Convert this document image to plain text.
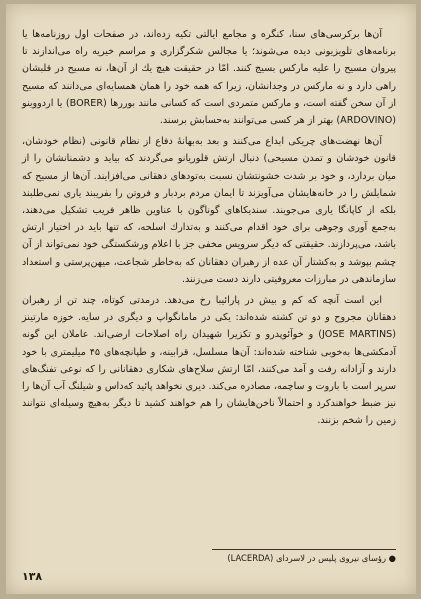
آن‌ها برکرسی‌های سنا، کنگره و مجامع ایالتی تکیه زده‌اند، در صفحات اول روزنامه‌ها یا برنامه‌های تلویزیونی دیده می‌شوند؛ یا مجالس شکرگزاری و مراسم خیریه راه می‌اندازند تا پیروان مسیح را علیه مارکس بسیج کنند. امّا در حقیقت هیچ یك از آن‌ها، نه مسیح در قلبشان راهی دارد و نه مارکس در وجدانشان، زیرا که همه خود را همان همسایه‌ای می‌دانند که مسیح از آن سخن گفته است، و مارکس متمردی است که کسانی مانند بوررها (BORER) یا اردووینو (ARDOVINO) بهتر از هر کسی می‌توانند به‌حسابش برسند.

آن‌ها نهضت‌های چریکی ابداع می‌کنند و بعد به‌بهانهٔ دفاع از نظام قانونی (نظام خودشان، قانون خودشان و تمدن مسیحی) دنبال ارتش قلوریانو می‌گردند که بیاید و دشمنانشان را از میان بردارد، و خود بر شدت خشونتشان نسبت به‌تودهای دهقانی می‌افزایند. آن‌ها از مسیح که شمایلش را در خانه‌هایشان می‌آویزند تا ایمان مردم بردبار و فروتن را بفریبند یاری نمی‌طلبند بلکه از کاپانگا یاری می‌جویند. سندیکاهای گوناگون با عناوین ظاهر فریب تشکیل می‌دهند، به‌جمع آوری وجوهی برای خود اقدام می‌کنند و به‌تدارك اسلحه، که تنها باید در اختیار ارتش باشد، می‌پردازند. حقیقتی که دیگر سرویس مخفی جز با اعلام ورشکستگی خود نمی‌تواند از آن چشم بپوشد و به‌کشتار آن عده از رهبران دهقانان که به‌خاطر شجاعت، میهن‌پرستی و استعداد سازماندهی در مبارزات معروفیتی دارند دست می‌زنند.

این است آنچه که کم و بیش در پارائیبا رخ می‌دهد. درمدتی کوتاه، چند تن از رهبران دهقانان مجروح و دو تن کشته شده‌اند: یکی در مامانگواپ و دیگری در سایه. خوزه مارتینز (JOSE MARTINS) و خوآئوپدرو و تکزیرا شهیدان راه اصلاحات ارضی‌اند. عاملان این گونه آدمکشی‌ها به‌خوبی شناخته شده‌اند: آن‌ها مسلسل، قرابینه، و طپانچه‌های ۴۵ میلیمتری با خود دارند و آزادانه رفت و آمد می‌کنند، امّا ارتش سلاح‌های شکاری دهقانانی را که نوعی تفنگ‌های سرپر است با باروت و ساچمه، مصادره می‌کند. دیری نخواهد پائید که‌داس و شیلنگ آب آن‌ها را نیز ضبط خواهندکرد و احتمالاً ناخن‌هایشان را هم خواهند کشید تا دیگر به‌هیچ وسیله‌ای نتوانند زمین را شخم بزنند.

● رؤسای نیروی پلیس در لاسردای (LACERDA)
۱۳۸
